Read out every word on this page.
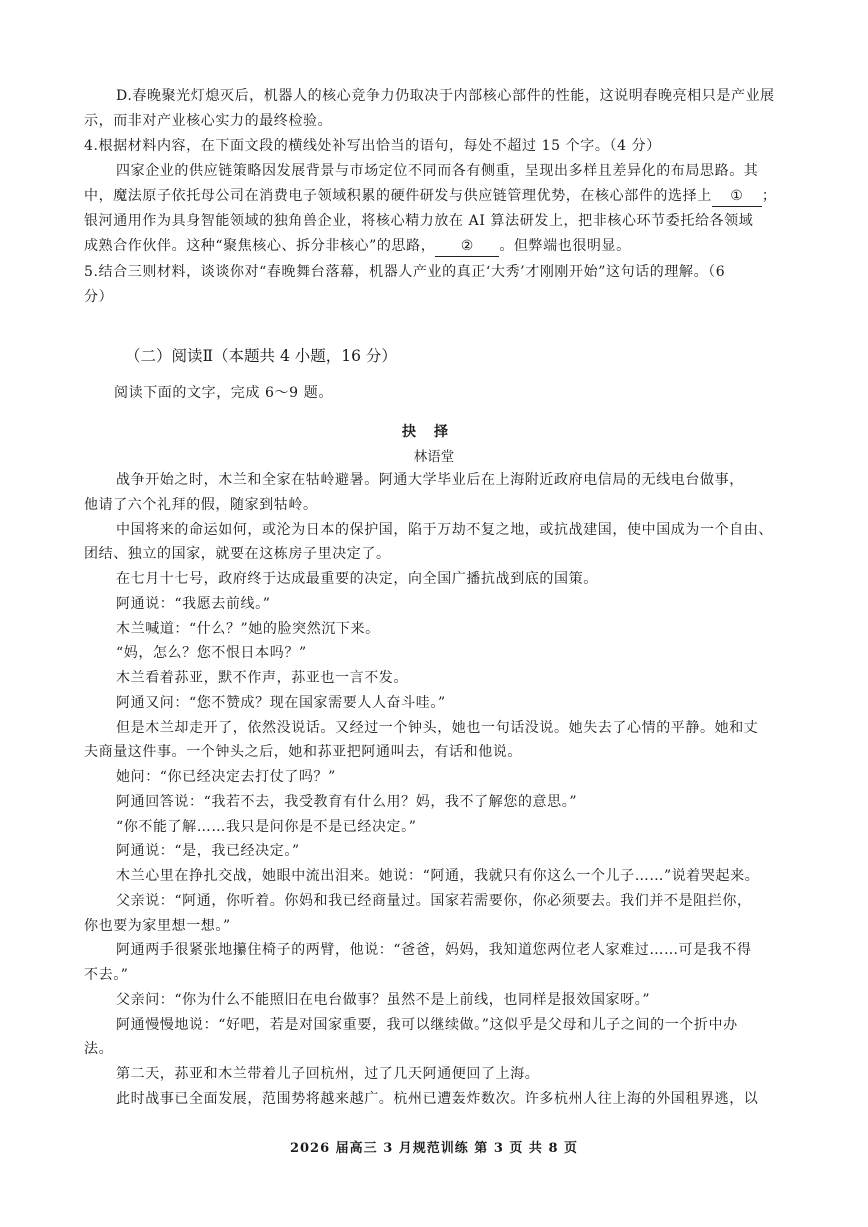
D.春晚聚光灯熄灭后，机器人的核心竞争力仍取决于内部核心部件的性能，这说明春晚亮相只是产业展
示，而非对产业核心实力的最终检验。
4.根据材料内容，在下面文段的横线处补写出恰当的语句，每处不超过 15 个字。（4 分）
四家企业的供应链策略因发展背景与市场定位不同而各有侧重，呈现出多样且差异化的布局思路。其
中，魔法原子依托母公司在消费电子领域积累的硬件研发与供应链管理优势，在核心部件的选择上 ① ；
银河通用作为具身智能领域的独角兽企业，将核心精力放在 AI 算法研发上，把非核心环节委托给各领域
成熟合作伙伴。这种“聚焦核心、拆分非核心”的思路， ② 。但弊端也很明显。
5.结合三则材料，谈谈你对“春晚舞台落幕，机器人产业的真正‘大秀’才刚刚开始”这句话的理解。（6
分）
（二）阅读Ⅱ（本题共 4 小题，16 分）
阅读下面的文字，完成 6～9 题。
抉择
林语堂
战争开始之时，木兰和全家在牯岭避暑。阿通大学毕业后在上海附近政府电信局的无线电台做事，
他请了六个礼拜的假，随家到牯岭。
中国将来的命运如何，或沦为日本的保护国，陷于万劫不复之地，或抗战建国，使中国成为一个自由、
团结、独立的国家，就要在这栋房子里决定了。
在七月十七号，政府终于达成最重要的决定，向全国广播抗战到底的国策。
阿通说：“我愿去前线。”
木兰喊道：“什么？”她的脸突然沉下来。
“妈，怎么？您不恨日本吗？”
木兰看着荪亚，默不作声，荪亚也一言不发。
阿通又问：“您不赞成？现在国家需要人人奋斗哇。”
但是木兰却走开了，依然没说话。又经过一个钟头，她也一句话没说。她失去了心情的平静。她和丈
夫商量这件事。一个钟头之后，她和荪亚把阿通叫去，有话和他说。
她问：“你已经决定去打仗了吗？”
阿通回答说：“我若不去，我受教育有什么用？妈，我不了解您的意思。”
“你不能了解……我只是问你是不是已经决定。”
阿通说：“是，我已经决定。”
木兰心里在挣扎交战，她眼中流出泪来。她说：“阿通，我就只有你这么一个儿子……”说着哭起来。
父亲说：“阿通，你听着。你妈和我已经商量过。国家若需要你，你必须要去。我们并不是阻拦你，
你也要为家里想一想。”
阿通两手很紧张地攥住椅子的两臂，他说：“爸爸，妈妈，我知道您两位老人家难过……可是我不得
不去。”
父亲问：“你为什么不能照旧在电台做事？虽然不是上前线，也同样是报效国家呀。”
阿通慢慢地说：“好吧，若是对国家重要，我可以继续做。”这似乎是父母和儿子之间的一个折中办
法。
第二天，荪亚和木兰带着儿子回杭州，过了几天阿通便回了上海。
此时战事已全面发展，范围势将越来越广。杭州已遭轰炸数次。许多杭州人往上海的外国租界逃，以
2026 届高三 3 月规范训练 第 3 页 共 8 页
